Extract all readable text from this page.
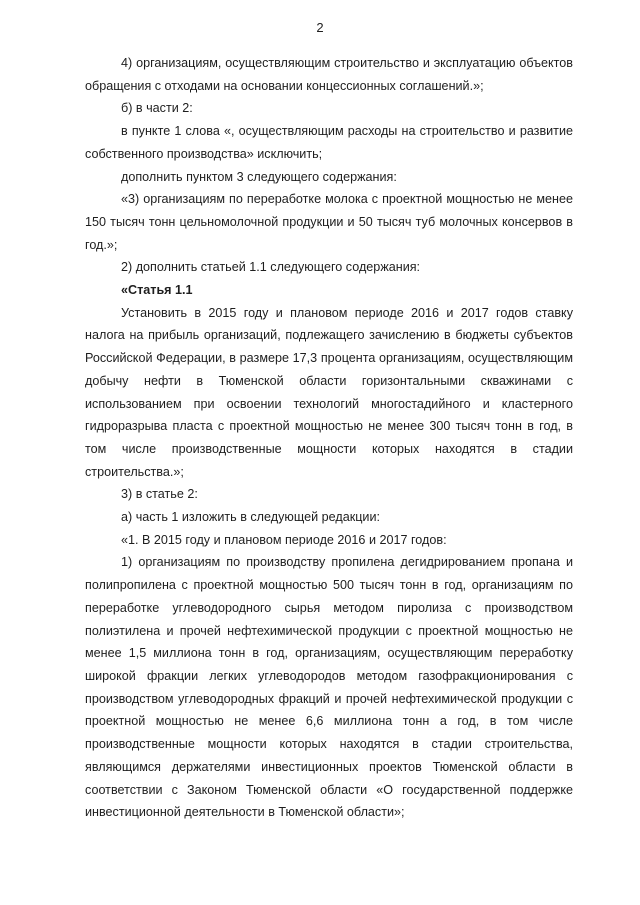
2

4) организациям, осуществляющим строительство и эксплуатацию объектов обращения с отходами на основании концессионных соглашений.»;

б) в части 2:

в пункте 1 слова «, осуществляющим расходы на строительство и развитие собственного производства» исключить;

дополнить пунктом 3 следующего содержания:

«3) организациям по переработке молока с проектной мощностью не менее 150 тысяч тонн цельномолочной продукции и 50 тысяч туб молочных консервов в год.»;

2) дополнить статьей 1.1 следующего содержания:

«Статья 1.1

Установить в 2015 году и плановом периоде 2016 и 2017 годов ставку налога на прибыль организаций, подлежащего зачислению в бюджеты субъектов Российской Федерации, в размере 17,3 процента организациям, осуществляющим добычу нефти в Тюменской области горизонтальными скважинами с использованием при освоении технологий многостадийного и кластерного гидроразрыва пласта с проектной мощностью не менее 300 тысяч тонн в год, в том числе производственные мощности которых находятся в стадии строительства.»;

3) в статье 2:

а) часть 1 изложить в следующей редакции:

«1. В 2015 году и плановом периоде 2016 и 2017 годов:

1) организациям по производству пропилена дегидрированием пропана и полипропилена с проектной мощностью 500 тысяч тонн в год, организациям по переработке углеводородного сырья методом пиролиза с производством полиэтилена и прочей нефтехимической продукции с проектной мощностью не менее 1,5 миллиона тонн в год, организациям, осуществляющим переработку широкой фракции легких углеводородов методом газофракционирования с производством углеводородных фракций и прочей нефтехимической продукции с проектной мощностью не менее 6,6 миллиона тонн а год, в том числе производственные мощности которых находятся в стадии строительства, являющимся держателями инвестиционных проектов Тюменской области в соответствии с Законом Тюменской области «О государственной поддержке инвестиционной деятельности в Тюменской области»;
